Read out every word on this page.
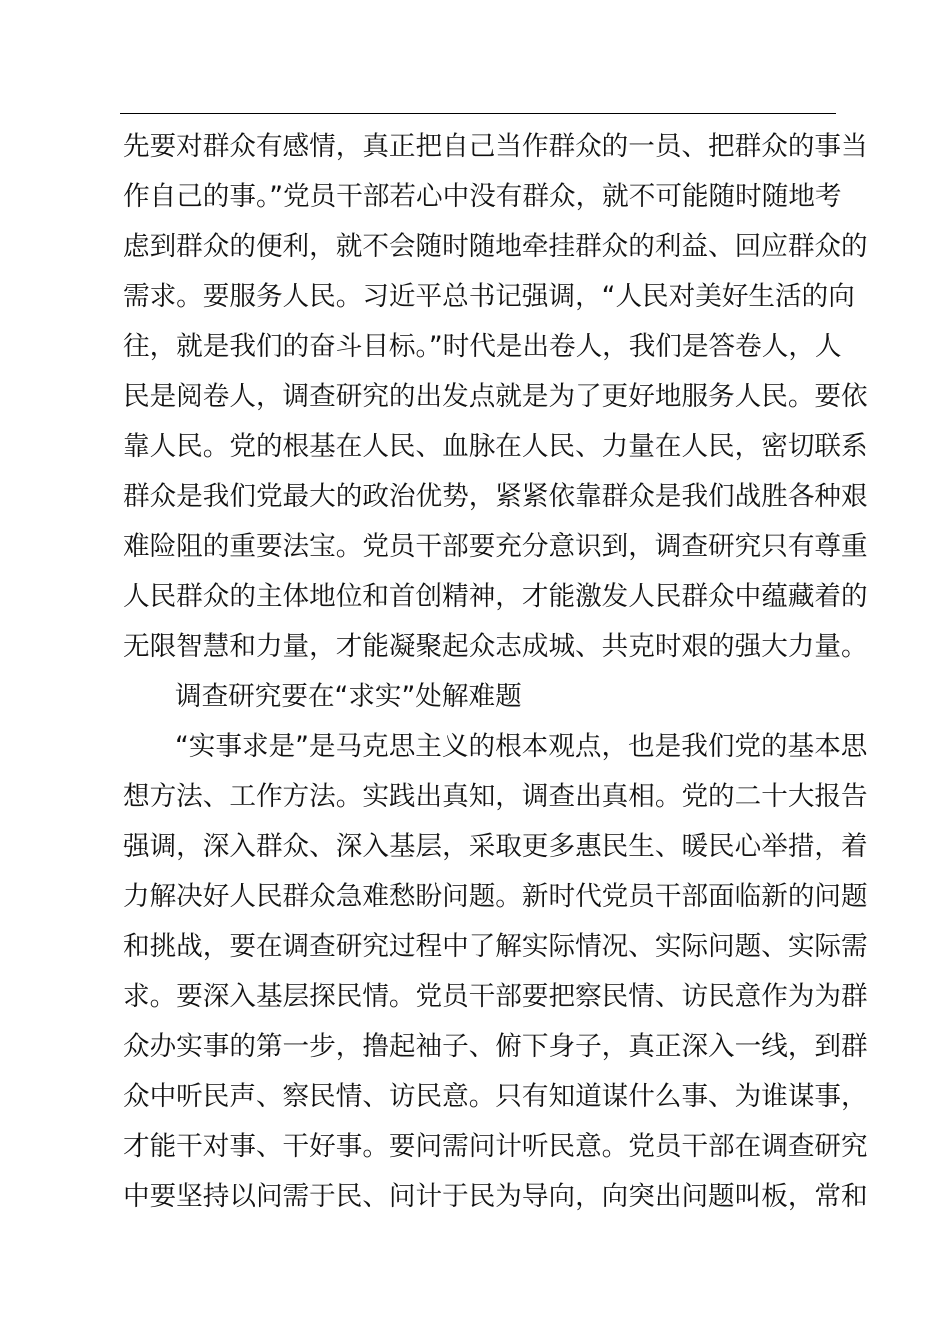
先要对群众有感情，真正把自己当作群众的一员、把群众的事当
作自己的事。”党员干部若心中没有群众，就不可能随时随地考
虑到群众的便利，就不会随时随地牵挂群众的利益、回应群众的
需求。要服务人民。习近平总书记强调，“人民对美好生活的向
往，就是我们的奋斗目标。”时代是出卷人，我们是答卷人，人
民是阅卷人，调查研究的出发点就是为了更好地服务人民。要依
靠人民。党的根基在人民、血脉在人民、力量在人民，密切联系
群众是我们党最大的政治优势，紧紧依靠群众是我们战胜各种艰
难险阻的重要法宝。党员干部要充分意识到，调查研究只有尊重
人民群众的主体地位和首创精神，才能激发人民群众中蕴藏着的
无限智慧和力量，才能凝聚起众志成城、共克时艰的强大力量。
调查研究要在“求实”处解难题
“实事求是”是马克思主义的根本观点，也是我们党的基本思
想方法、工作方法。实践出真知，调查出真相。党的二十大报告
强调，深入群众、深入基层，采取更多惠民生、暖民心举措，着
力解决好人民群众急难愁盼问题。新时代党员干部面临新的问题
和挑战，要在调查研究过程中了解实际情况、实际问题、实际需
求。要深入基层探民情。党员干部要把察民情、访民意作为为群
众办实事的第一步，撸起袖子、俯下身子，真正深入一线，到群
众中听民声、察民情、访民意。只有知道谋什么事、为谁谋事，
才能干对事、干好事。要问需问计听民意。党员干部在调查研究
中要坚持以问需于民、问计于民为导向，向突出问题叫板，常和
